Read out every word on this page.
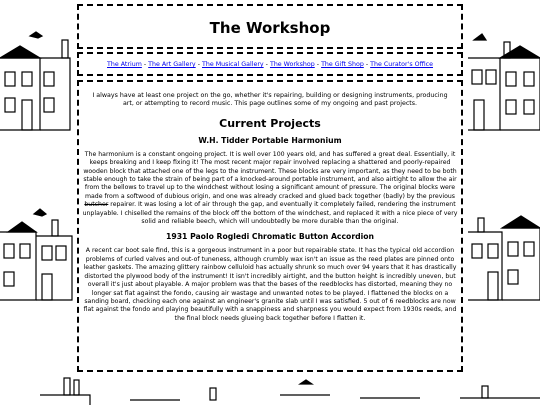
The Workshop
The Atrium - The Art Gallery - The Musical Gallery - The Workshop - The Gift Shop - The Curator's Office

I always have at least one project on the go, whether it's repairing, building or designing instruments, producing art, or attempting to record music. This page outlines some of my ongoing and past projects.

Current Projects
W.H. Tidder Portable Harmonium

The harmonium is a constant ongoing project. It is well over 100 years old, and has suffered a great deal. Essentially, it keeps breaking and I keep fixing it! The most recent major repair involved replacing a shattered and poorly-repaired wooden block that attached one of the legs to the instrument. These blocks are very important, as they need to be both stable enough to take the strain of being part of a knocked-around portable instrument, and also airtight to allow the air from the bellows to travel up to the windchest without losing a significant amount of pressure. The original blocks were made from a softwood of dubious origin, and one was already cracked and glued back together (badly) by the previous butcher repairer. It was losing a lot of air through the gap, and eventually it completely failed, rendering the instrument unplayable. I chiselled the remains of the block off the bottom of the windchest, and replaced it with a nice piece of very solid and reliable beech, which will undoubtedly be more durable than the original.

1931 Paolo Rogledi Chromatic Button Accordion

A recent car boot sale find, this is a gorgeous instrument in a poor but repairable state. It has the typical old accordion problems of curled valves and out-of tuneness, although crumbly wax isn't an issue as the reed plates are pinned onto leather gaskets. The amazing glittery rainbow celluloid has actually shrunk so much over 94 years that it has drastically distorted the plywood body of the instrument! It isn't incredibly airtight, and the button height is incredibly uneven, but overall it's just about playable. A major problem was that the bases of the reedblocks has distorted, meaning they no longer sat flat against the fondo, causing air wastage and unwanted notes to be played. I flattened the blocks on a sanding board, checking each one against an engineer's granite slab until I was satisfied. 5 out of 6 reedblocks are now flat against the fondo and playing beautifully with a snappiness and sharpness you would expect from 1930s reeds, and the final block needs glueing back together before I flatten it.
